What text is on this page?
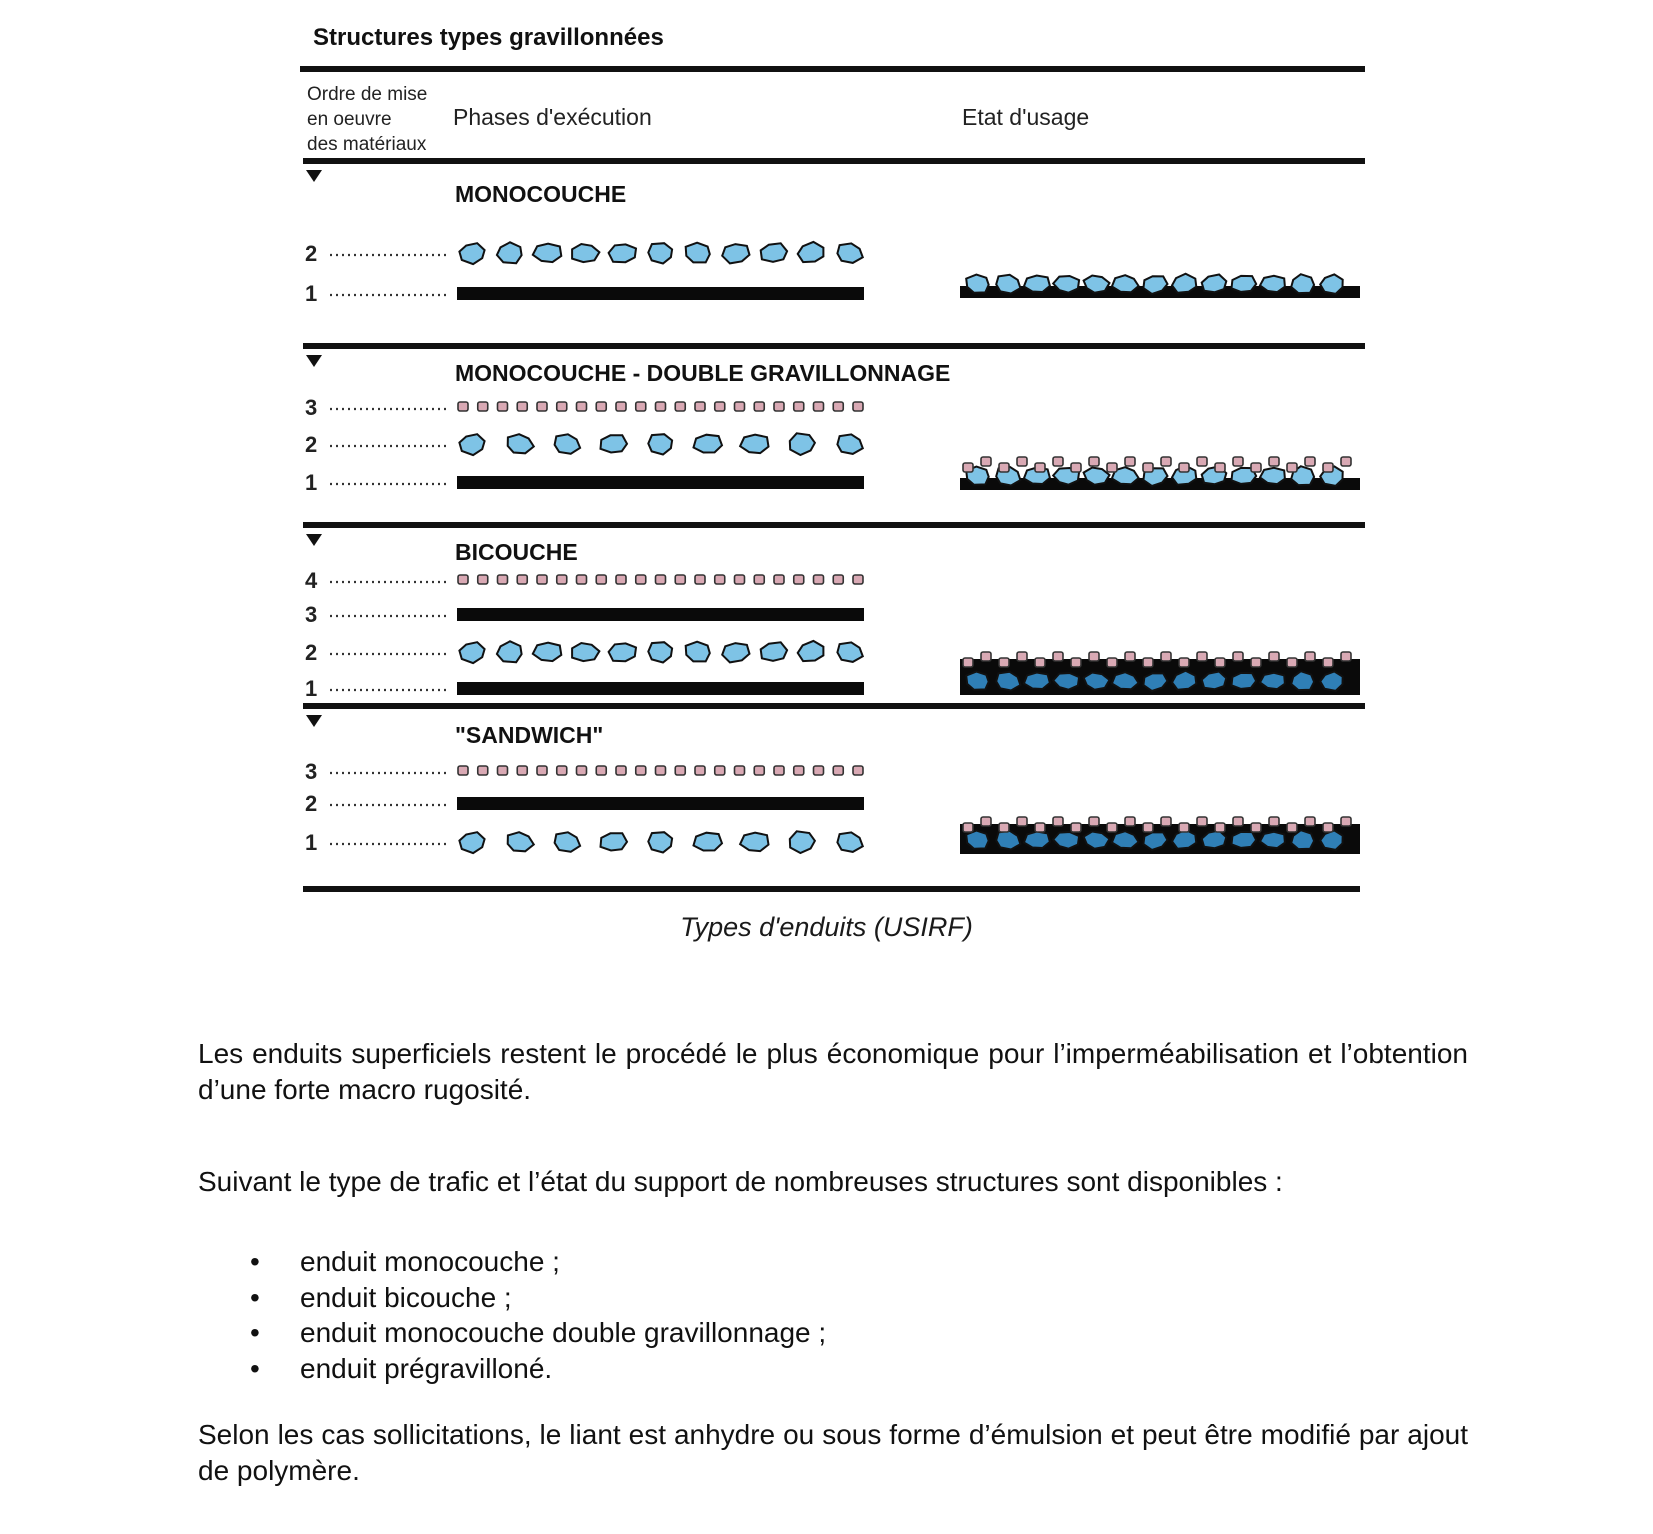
Structures types gravillonnées
Ordre de mise
en oeuvre
des matériaux
Phases d'exécution	Etat d'usage
MONOCOUCHE
2
1
MONOCOUCHE - DOUBLE GRAVILLONNAGE
3
2
1
BICOUCHE
4
3
2
1
"SANDWICH"
3
2
1
Types d'enduits (USIRF)

Les enduits superficiels restent le procédé le plus économique pour l’imperméabilisation et l’obtention d’une forte macro rugosité.

Suivant le type de trafic et l’état du support de nombreuses structures sont disponibles :

• enduit monocouche ;
• enduit bicouche ;
• enduit monocouche double gravillonnage ;
• enduit prégravilloné.

Selon les cas sollicitations, le liant est anhydre ou sous forme d’émulsion et peut être modifié par ajout de polymère.
